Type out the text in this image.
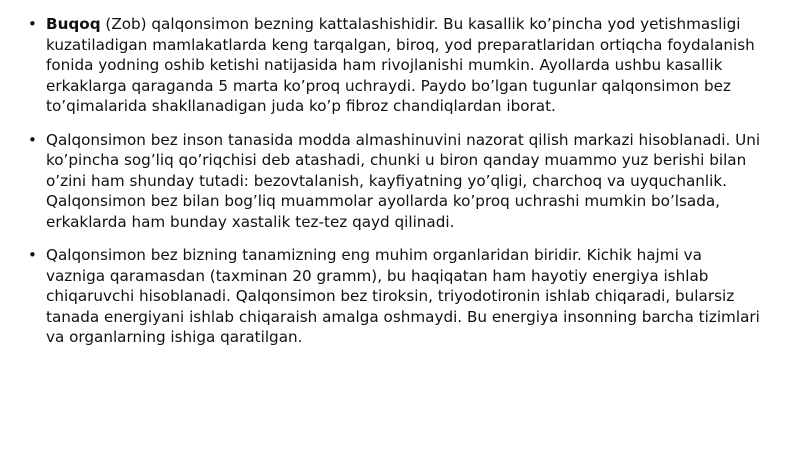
• Buqoq (Zob) qalqonsimon bezning kattalashishidir. Bu kasallik ko’pincha yod yetishmasligi kuzatiladigan mamlakatlarda keng tarqalgan, biroq, yod preparatlaridan ortiqcha foydalanish fonida yodning oshib ketishi natijasida ham rivojlanishi mumkin. Ayollarda ushbu kasallik erkaklarga qaraganda 5 marta ko’proq uchraydi. Paydo bo’lgan tugunlar qalqonsimon bez to’qimalarida shakllanadigan juda ko’p fibroz chandiqlardan iborat.
• Qalqonsimon bez inson tanasida modda almashinuvini nazorat qilish markazi hisoblanadi. Uni ko’pincha sog’liq qo’riqchisi deb atashadi, chunki u biron qanday muammo yuz berishi bilan o’zini ham shunday tutadi: bezovtalanish, kayfiyatning yo’qligi, charchoq va uyquchanlik. Qalqonsimon bez bilan bog’liq muammolar ayollarda ko’proq uchrashi mumkin bo’lsada, erkaklarda ham bunday xastalik tez-tez qayd qilinadi.
• Qalqonsimon bez bizning tanamizning eng muhim organlaridan biridir. Kichik hajmi va vazniga qaramasdan (taxminan 20 gramm), bu haqiqatan ham hayotiy energiya ishlab chiqaruvchi hisoblanadi. Qalqonsimon bez tiroksin, triyodotironin ishlab chiqaradi, bularsiz tanada energiyani ishlab chiqaraish amalga oshmaydi. Bu energiya insonning barcha tizimlari va organlarning ishiga qaratilgan.
